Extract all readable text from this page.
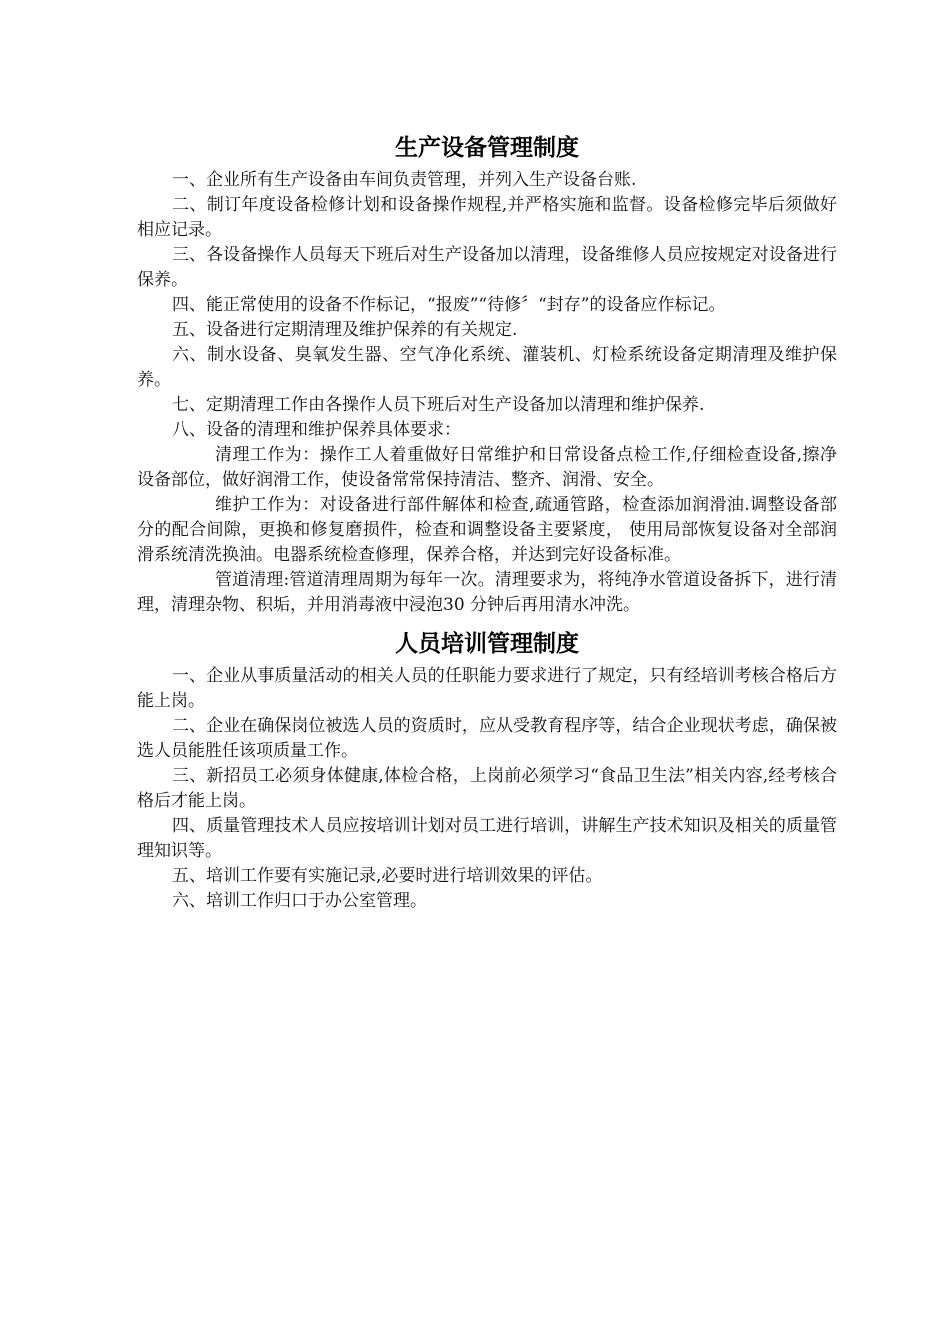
生产设备管理制度

一、企业所有生产设备由车间负责管理，并列入生产设备台账.

二、制订年度设备检修计划和设备操作规程,并严格实施和监督。设备检修完毕后须做好相应记录。

三、各设备操作人员每天下班后对生产设备加以清理，设备维修人员应按规定对设备进行保养。

四、能正常使用的设备不作标记，“报废”“待修〞“封存”的设备应作标记。

五、设备进行定期清理及维护保养的有关规定.

六、制水设备、臭氧发生器、空气净化系统、灌装机、灯检系统设备定期清理及维护保养。

七、定期清理工作由各操作人员下班后对生产设备加以清理和维护保养.

八、设备的清理和维护保养具体要求：

清理工作为：操作工人着重做好日常维护和日常设备点检工作,仔细检查设备,擦净设备部位，做好润滑工作，使设备常常保持清洁、整齐、润滑、安全。

维护工作为：对设备进行部件解体和检查,疏通管路，检查添加润滑油.调整设备部分的配合间隙，更换和修复磨损件，检查和调整设备主要紧度， 使用局部恢复设备对全部润滑系统清洗换油。电器系统检查修理，保养合格，并达到完好设备标准。

管道清理:管道清理周期为每年一次。清理要求为，将纯净水管道设备拆下，进行清理，清理杂物、积垢，并用消毒液中浸泡30 分钟后再用清水冲洗。

人员培训管理制度

一、企业从事质量活动的相关人员的任职能力要求进行了规定，只有经培训考核合格后方能上岗。

二、企业在确保岗位被选人员的资质时，应从受教育程序等，结合企业现状考虑，确保被选人员能胜任该项质量工作。

三、新招员工必须身体健康,体检合格，上岗前必须学习“食品卫生法”相关内容,经考核合格后才能上岗。

四、质量管理技术人员应按培训计划对员工进行培训，讲解生产技术知识及相关的质量管理知识等。

五、培训工作要有实施记录,必要时进行培训效果的评估。

六、培训工作归口于办公室管理。
